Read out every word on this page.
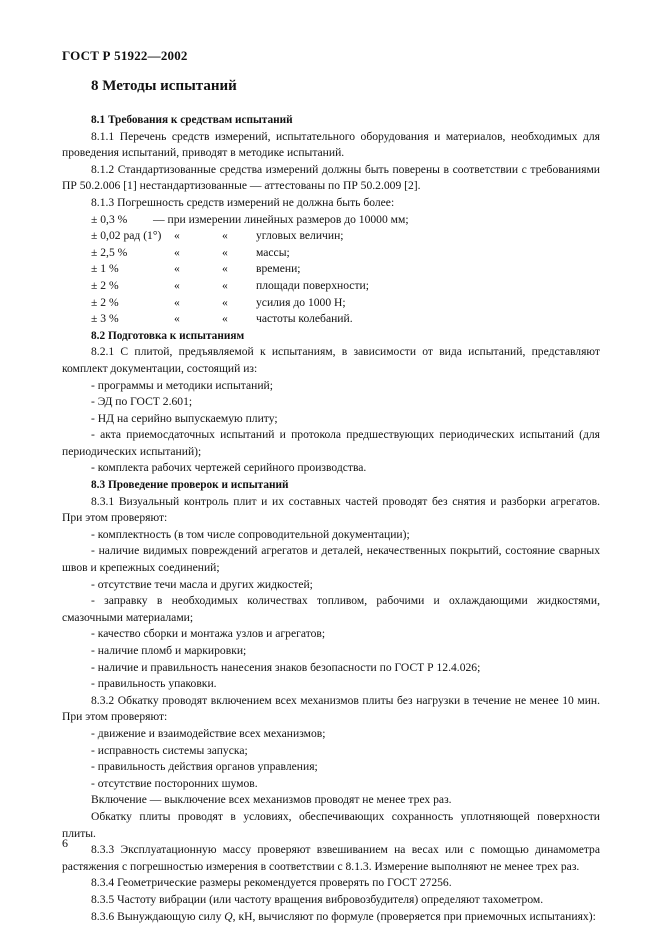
ГОСТ Р 51922—2002
8 Методы испытаний

8.1 Требования к средствам испытаний

8.1.1 Перечень средств измерений, испытательного оборудования и материалов, необходимых для проведения испытаний, приводят в методике испытаний.

8.1.2 Стандартизованные средства измерений должны быть поверены в соответствии с требованиями ПР 50.2.006 [1] нестандартизованные — аттестованы по ПР 50.2.009 [2].

8.1.3 Погрешность средств измерений не должна быть более:

± 0,3 % — при измерении линейных размеров до 10000 мм;
± 0,02 рад (1°) «	« угловых величин;
± 2,5 %	«	« массы;
± 1 %	«	« времени;
± 2 %	«	« площади поверхности;
± 2 %	«	« усилия до 1000 Н;
± 3 %	«	« частоты колебаний.

8.2 Подготовка к испытаниям

8.2.1 С плитой, предъявляемой к испытаниям, в зависимости от вида испытаний, представляют комплект документации, состоящий из:

- программы и методики испытаний;

- ЭД по ГОСТ 2.601;

- НД на серийно выпускаемую плиту;

- акта приемосдаточных испытаний и протокола предшествующих периодических испытаний (для периодических испытаний);

- комплекта рабочих чертежей серийного производства.

8.3 Проведение проверок и испытаний

8.3.1 Визуальный контроль плит и их составных частей проводят без снятия и разборки агрегатов. При этом проверяют:

- комплектность (в том числе сопроводительной документации);

- наличие видимых повреждений агрегатов и деталей, некачественных покрытий, состояние сварных швов и крепежных соединений;

- отсутствие течи масла и других жидкостей;

- заправку в необходимых количествах топливом, рабочими и охлаждающими жидкостями, смазочными материалами;

- качество сборки и монтажа узлов и агрегатов;

- наличие пломб и маркировки;

- наличие и правильность нанесения знаков безопасности по ГОСТ Р 12.4.026;

- правильность упаковки.

8.3.2 Обкатку проводят включением всех механизмов плиты без нагрузки в течение не менее 10 мин. При этом проверяют:

- движение и взаимодействие всех механизмов;

- исправность системы запуска;

- правильность действия органов управления;

- отсутствие посторонних шумов.

Включение — выключение всех механизмов проводят не менее трех раз.

Обкатку плиты проводят в условиях, обеспечивающих сохранность уплотняющей поверхности плиты.

8.3.3 Эксплуатационную массу проверяют взвешиванием на весах или с помощью динамометра растяжения с погрешностью измерения в соответствии с 8.1.3. Измерение выполняют не менее трех раз.

8.3.4 Геометрические размеры рекомендуется проверять по ГОСТ 27256.

8.3.5 Частоту вибрации (или частоту вращения вибровозбудителя) определяют тахометром.

8.3.6 Вынуждающую силу Q, кН, вычисляют по формуле (проверяется при приемочных испытаниях):

6
